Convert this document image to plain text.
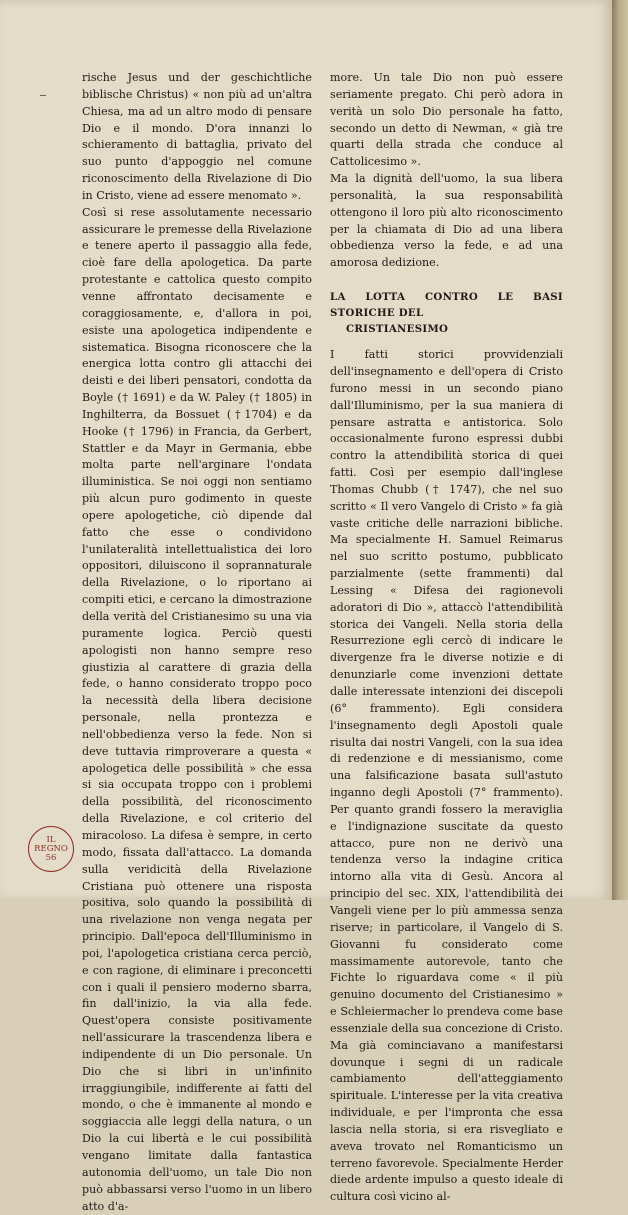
rische Jesus und der geschichtliche biblische Christus) « non più ad un'altra Chiesa, ma ad un altro modo di pensare Dio e il mondo. D'ora innanzi lo schieramento di battaglia, privato del suo punto d'appoggio nel comune riconoscimento della Rivelazione di Dio in Cristo, viene ad essere menomato ».

Così si rese assolutamente necessario assicurare le premesse della Rivelazione e tenere aperto il passaggio alla fede, cioè fare della apologetica. Da parte protestante e cattolica questo compito venne affrontato decisamente e coraggiosamente, e, d'allora in poi, esiste una apologetica indipendente e sistematica. Bisogna riconoscere che la energica lotta contro gli attacchi dei deisti e dei liberi pensatori, condotta da Boyle († 1691) e da W. Paley († 1805) in Inghilterra, da Bossuet (†1704) e da Hooke († 1796) in Francia, da Gerbert, Stattler e da Mayr in Germania, ebbe molta parte nell'arginare l'ondata illuministica. Se noi oggi non sentiamo più alcun puro godimento in queste opere apologetiche, ciò dipende dal fatto che esse o condividono l'unilateralità intellettualistica dei loro oppositori, diluiscono il soprannaturale della Rivelazione, o lo riportano ai compiti etici, e cercano la dimostrazione della verità del Cristianesimo su una via puramente logica. Perciò questi apologisti non hanno sempre reso giustizia al carattere di grazia della fede, o hanno considerato troppo poco la necessità della libera decisione personale, nella prontezza e nell'obbedienza verso la fede. Non si deve tuttavia rimproverare a questa « apologetica delle possibilità » che essa si sia occupata troppo con i problemi della possibilità, del riconoscimento della Rivelazione, e col criterio del miracoloso. La difesa è sempre, in certo modo, fissata dall'attacco. La domanda sulla veridicità della Rivelazione Cristiana può ottenere una risposta positiva, solo quando la possibilità di una rivelazione non venga negata per principio. Dall'epoca dell'Illuminismo in poi, l'apologetica cristiana cerca perciò, e con ragione, di eliminare i preconcetti con i quali il pensiero moderno sbarra, fin dall'inizio, la via alla fede. Quest'opera consiste positivamente nell'assicurare la trascendenza libera e indipendente di un Dio personale. Un Dio che si libri in un'infinito irraggiungibile, indifferente ai fatti del mondo, o che è immanente al mondo e soggiaccia alle leggi della natura, o un Dio la cui libertà e le cui possibilità vengano limitate dalla fantastica autonomia dell'uomo, un tale Dio non può abbassarsi verso l'uomo in un libero atto d'a-

more. Un tale Dio non può essere seriamente pregato. Chi però adora in verità un solo Dio personale ha fatto, secondo un detto di Newman, « già tre quarti della strada che conduce al Cattolicesimo ».

Ma la dignità dell'uomo, la sua libera personalità, la sua responsabilità ottengono il loro più alto riconoscimento per la chiamata di Dio ad una libera obbedienza verso la fede, e ad una amorosa dedizione.

LA LOTTA CONTRO LE BASI STORICHE DEL
CRISTIANESIMO

I fatti storici provvidenziali dell'insegnamento e dell'opera di Cristo furono messi in un secondo piano dall'Illuminismo, per la sua maniera di pensare astratta e antistorica. Solo occasionalmente furono espressi dubbi contro la attendibilità storica di quei fatti. Così per esempio dall'inglese Thomas Chubb († 1747), che nel suo scritto « Il vero Vangelo di Cristo » fa già vaste critiche delle narrazioni bibliche. Ma specialmente H. Samuel Reimarus nel suo scritto postumo, pubblicato parzialmente (sette frammenti) dal Lessing « Difesa dei ragionevoli adoratori di Dio », attaccò l'attendibilità storica dei Vangeli. Nella storia della Resurrezione egli cercò di indicare le divergenze fra le diverse notizie e di denunziarle come invenzioni dettate dalle interessate intenzioni dei discepoli (6° frammento). Egli considera l'insegnamento degli Apostoli quale risulta dai nostri Vangeli, con la sua idea di redenzione e di messianismo, come una falsificazione basata sull'astuto inganno degli Apostoli (7° frammento). Per quanto grandi fossero la meraviglia e l'indignazione suscitate da questo attacco, pure non ne derivò una tendenza verso la indagine critica intorno alla vita di Gesù. Ancora al principio del sec. XIX, l'attendibilità dei Vangeli viene per lo più ammessa senza riserve; in particolare, il Vangelo di S. Giovanni fu considerato come massimamente autorevole, tanto che Fichte lo riguardava come « il più genuino documento del Cristianesimo » e Schleiermacher lo prendeva come base essenziale della sua concezione di Cristo.

Ma già cominciavano a manifestarsi dovunque i segni di un radicale cambiamento dell'atteggiamento spirituale. L'interesse per la vita creativa individuale, e per l'impronta che essa lascia nella storia, si era risvegliato e aveva trovato nel Romanticismo un terreno favorevole. Specialmente Herder diede ardente impulso a questo ideale di cultura così vicino al-

IL
REGNO
56
